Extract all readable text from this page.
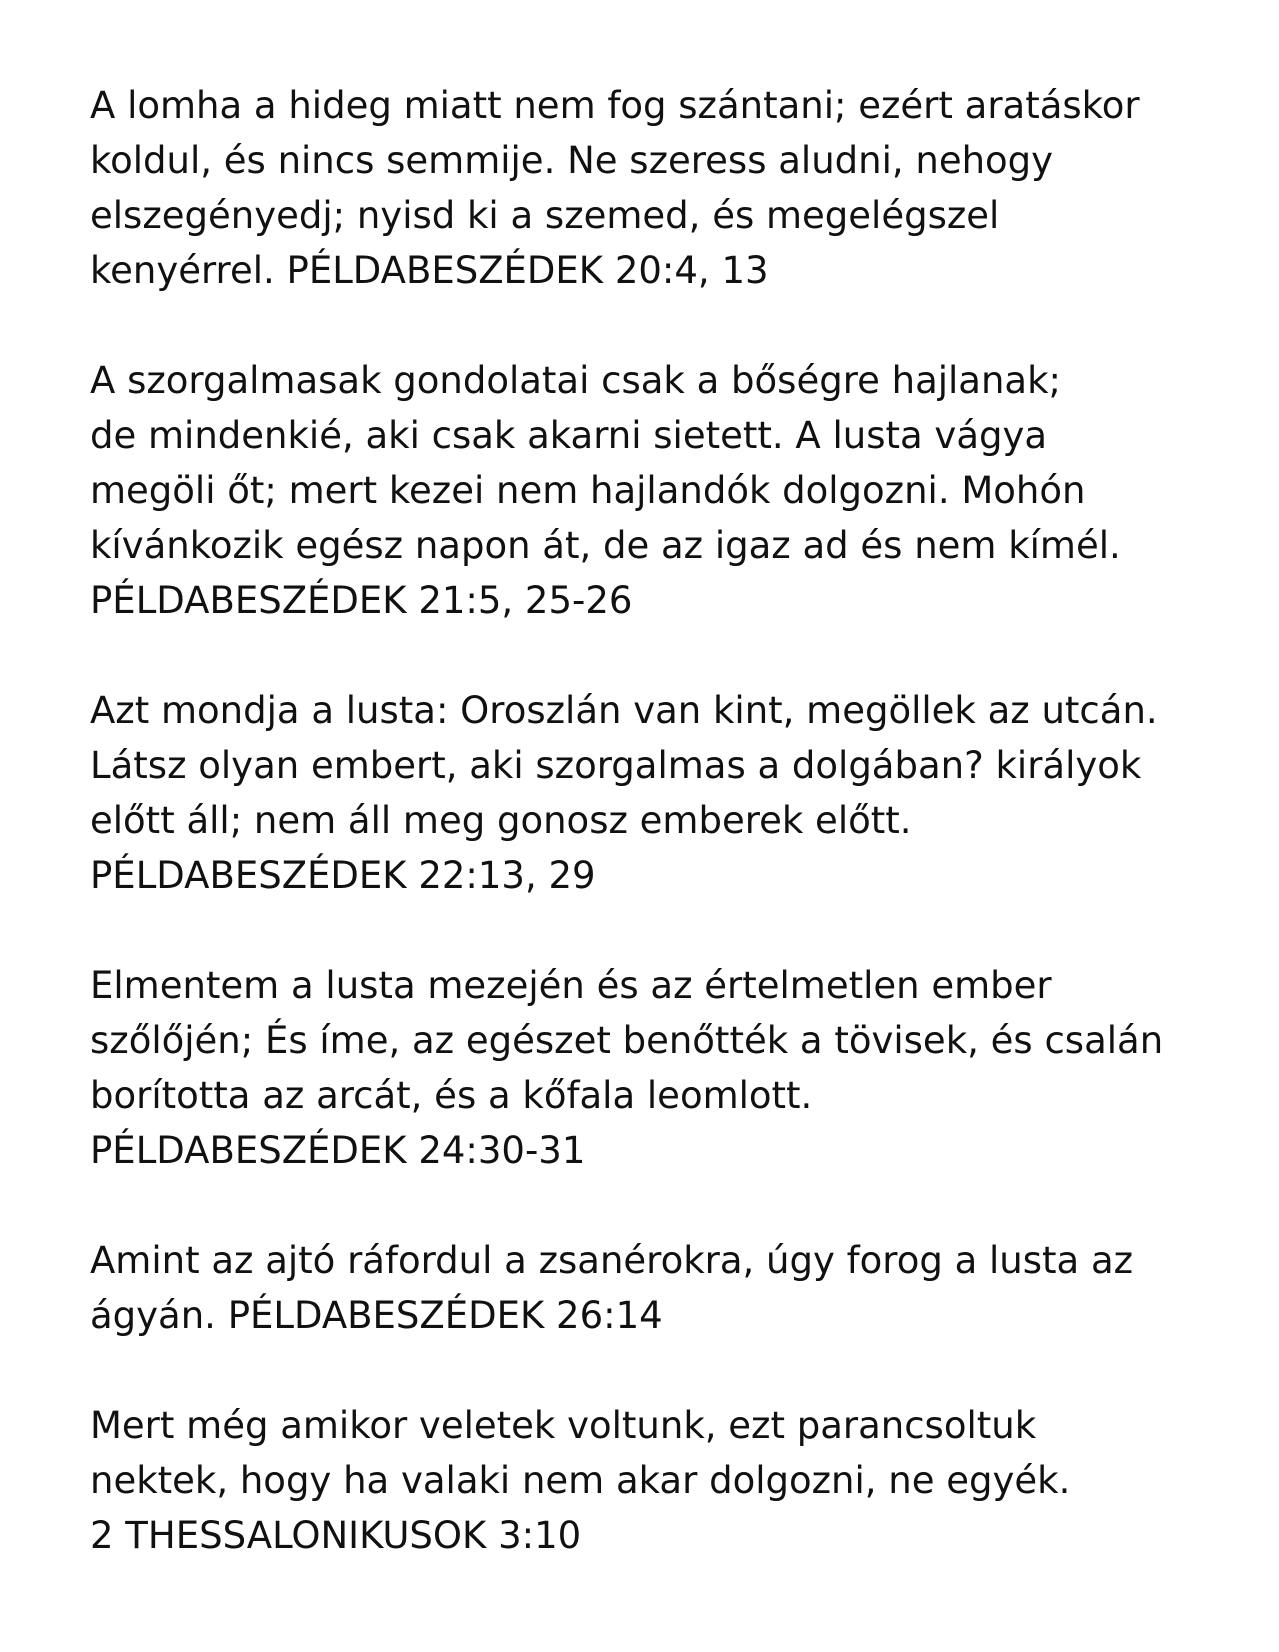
A lomha a hideg miatt nem fog szántani; ezért aratáskor
koldul, és nincs semmije. Ne szeress aludni, nehogy
elszegényedj; nyisd ki a szemed, és megelégszel
kenyérrel. PÉLDABESZÉDEK 20:4, 13
A szorgalmasak gondolatai csak a bőségre hajlanak;
de mindenkié, aki csak akarni sietett. A lusta vágya
megöli őt; mert kezei nem hajlandók dolgozni. Mohón
kívánkozik egész napon át, de az igaz ad és nem kímél.
PÉLDABESZÉDEK 21:5, 25-26
Azt mondja a lusta: Oroszlán van kint, megöllek az utcán.
Látsz olyan embert, aki szorgalmas a dolgában? királyok
előtt áll; nem áll meg gonosz emberek előtt.
PÉLDABESZÉDEK 22:13, 29
Elmentem a lusta mezején és az értelmetlen ember
szőlőjén; És íme, az egészet benőtték a tövisek, és csalán
borította az arcát, és a kőfala leomlott.
PÉLDABESZÉDEK 24:30-31
Amint az ajtó ráfordul a zsanérokra, úgy forog a lusta az
ágyán. PÉLDABESZÉDEK 26:14
Mert még amikor veletek voltunk, ezt parancsoltuk
nektek, hogy ha valaki nem akar dolgozni, ne egyék.
2 THESSALONIKUSOK 3:10
